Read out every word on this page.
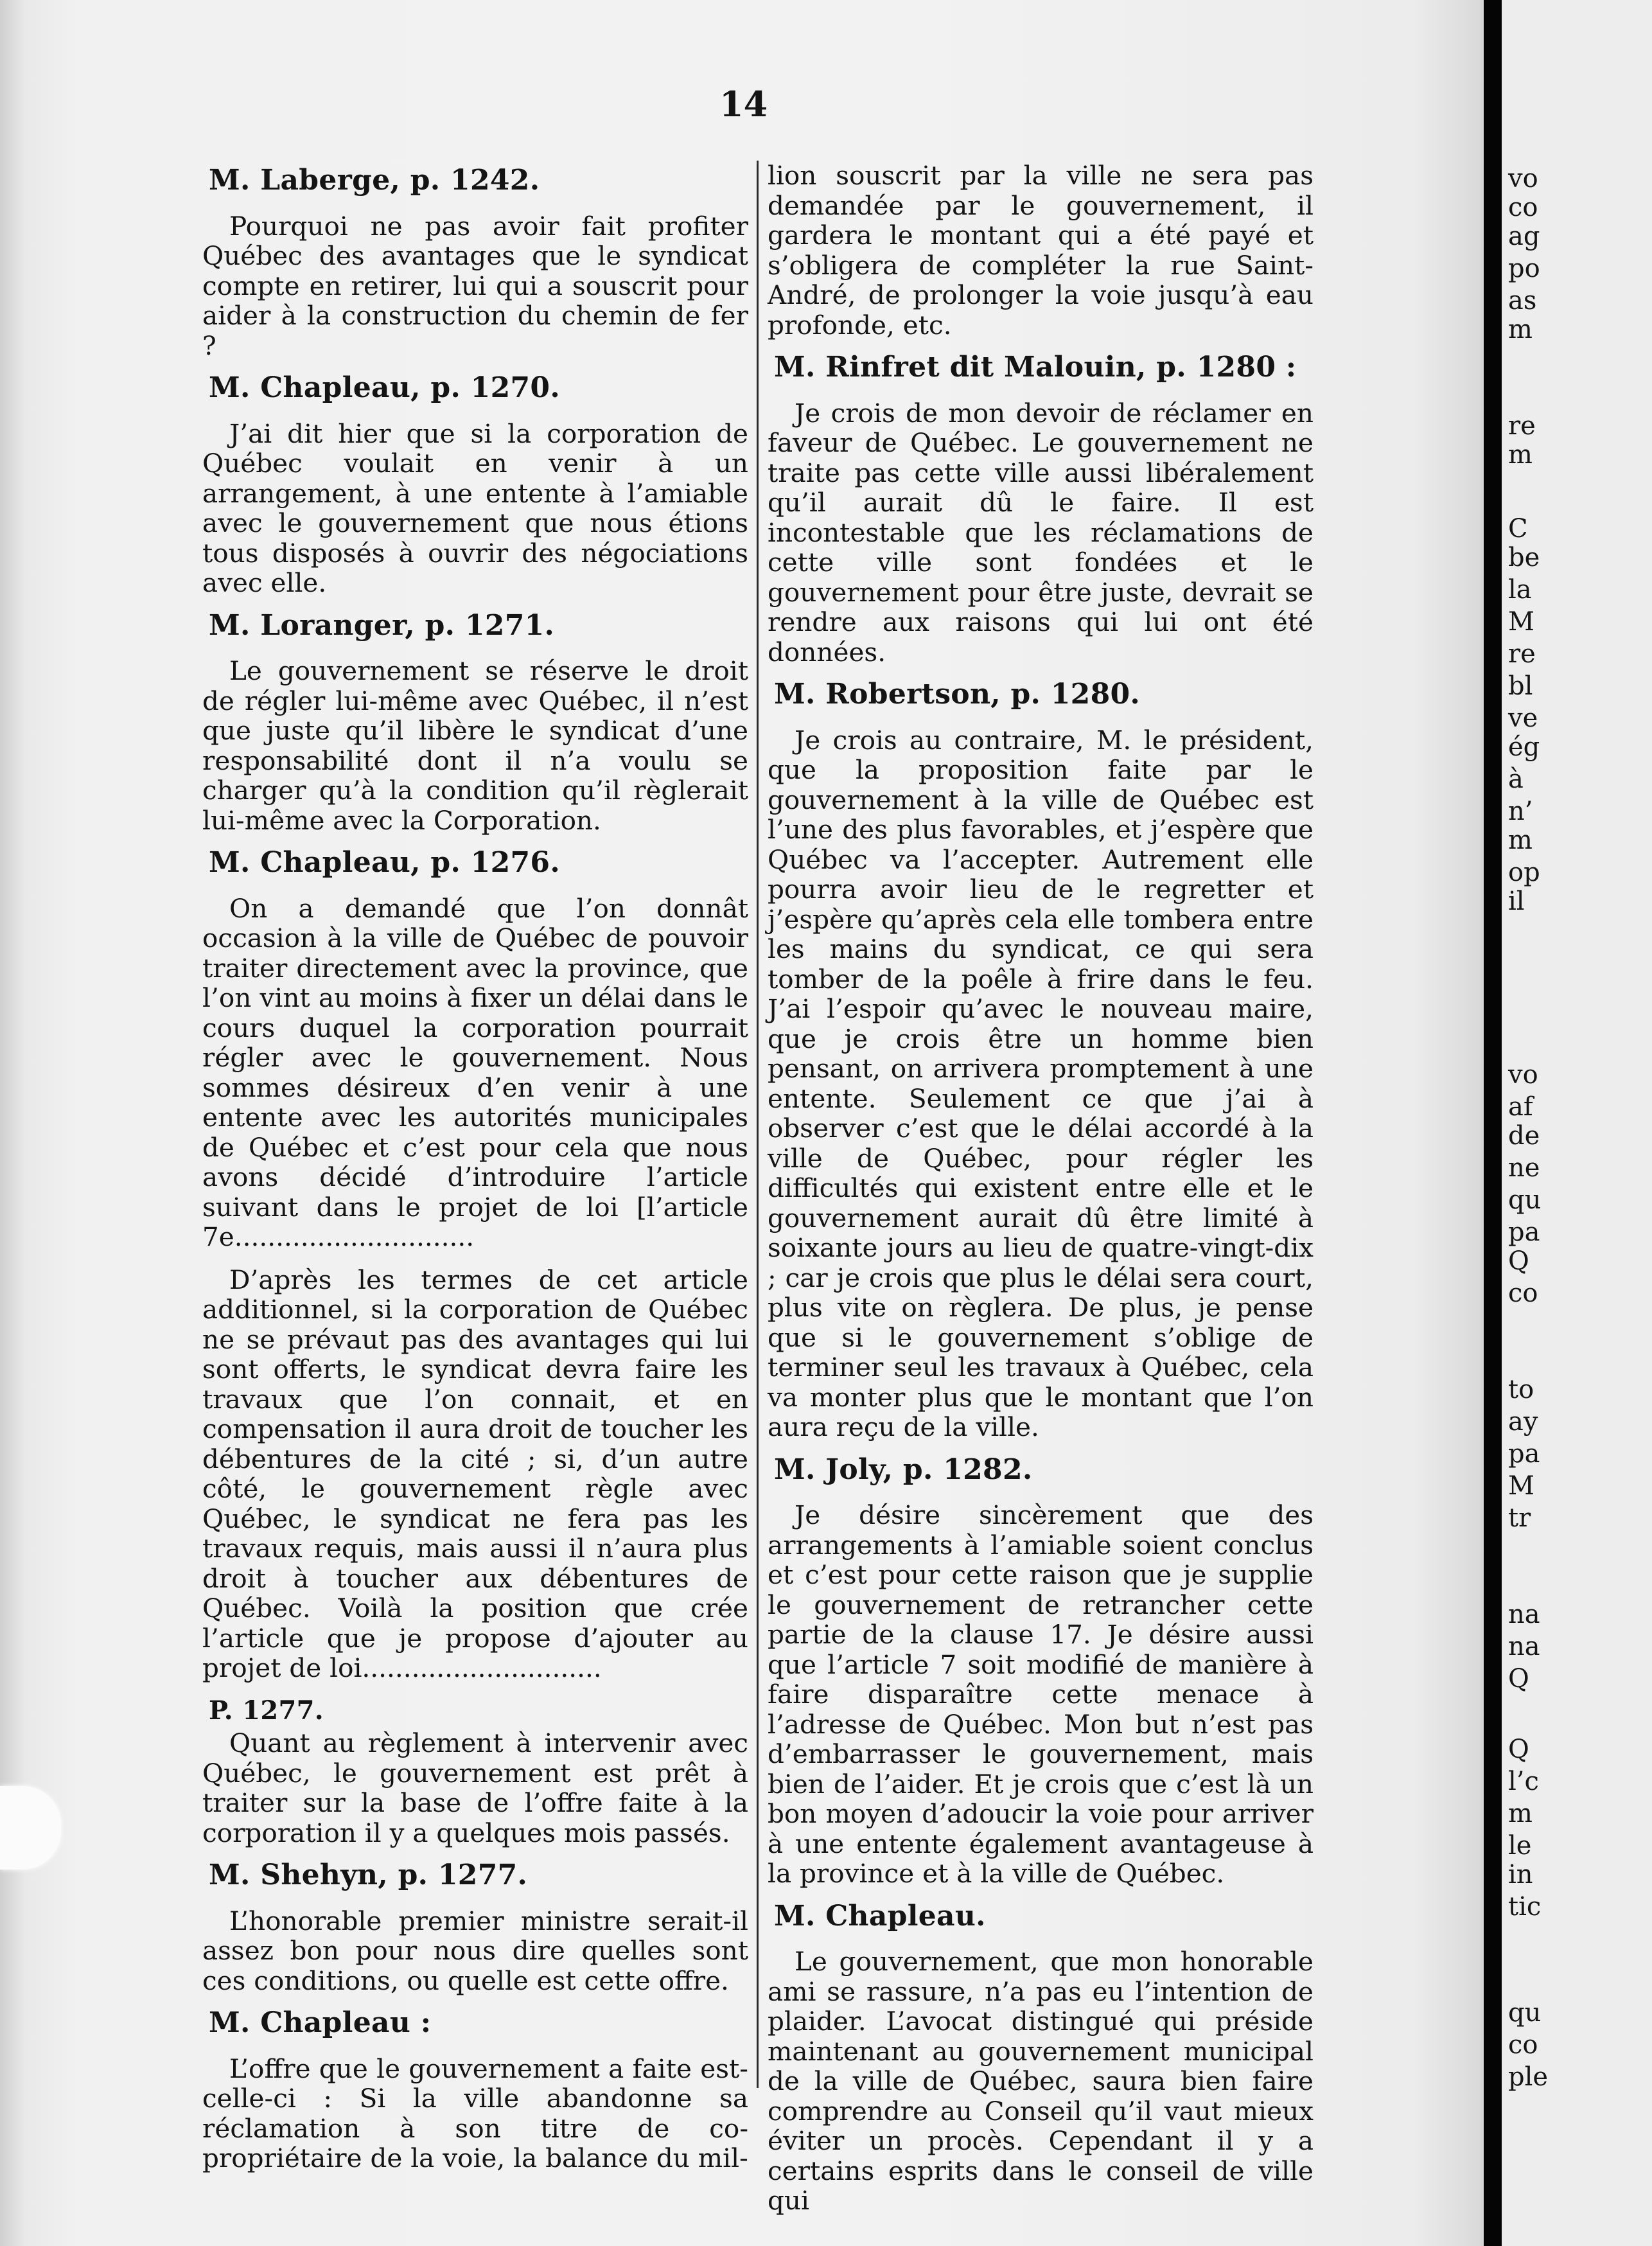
14
M. Laberge, p. 1242.

Pourquoi ne pas avoir fait profiter Québec des avantages que le syndicat compte en retirer, lui qui a souscrit pour aider à la construction du chemin de fer ?

M. Chapleau, p. 1270.

J’ai dit hier que si la corporation de Québec voulait en venir à un arrangement, à une entente à l’amiable avec le gouvernement que nous étions tous disposés à ouvrir des négociations avec elle.

M. Loranger, p. 1271.

Le gouvernement se réserve le droit de régler lui-même avec Québec, il n’est que juste qu’il libère le syndicat d’une responsabilité dont il n’a voulu se charger qu’à la condition qu’il règlerait lui-même avec la Corporation.

M. Chapleau, p. 1276.

On a demandé que l’on donnât occasion à la ville de Québec de pouvoir traiter directement avec la province, que l’on vint au moins à fixer un délai dans le cours duquel la corporation pourrait régler avec le gouvernement. Nous sommes désireux d’en venir à une entente avec les autorités municipales de Québec et c’est pour cela que nous avons décidé d’introduire l’article suivant dans le projet de loi [l’article 7e.............................

D’après les termes de cet article additionnel, si la corporation de Québec ne se prévaut pas des avantages qui lui sont offerts, le syndicat devra faire les travaux que l’on connait, et en compensation il aura droit de toucher les débentures de la cité ; si, d’un autre côté, le gouvernement règle avec Québec, le syndicat ne fera pas les travaux requis, mais aussi il n’aura plus droit à toucher aux débentures de Québec. Voilà la position que crée l’article que je propose d’ajouter au projet de loi.............................

P. 1277.

Quant au règlement à intervenir avec Québec, le gouvernement est prêt à traiter sur la base de l’offre faite à la corporation il y a quelques mois passés.

M. Shehyn, p. 1277.

L’honorable premier ministre serait-il assez bon pour nous dire quelles sont ces conditions, ou quelle est cette offre.

M. Chapleau :

L’offre que le gouvernement a faite est-celle-ci : Si la ville abandonne sa réclamation à son titre de co-propriétaire de la voie, la balance du mil-

lion souscrit par la ville ne sera pas demandée par le gouvernement, il gardera le montant qui a été payé et s’obligera de compléter la rue Saint-André, de prolonger la voie jusqu’à eau profonde, etc.

M. Rinfret dit Malouin, p. 1280 :

Je crois de mon devoir de réclamer en faveur de Québec. Le gouvernement ne traite pas cette ville aussi libéralement qu’il aurait dû le faire. Il est incontestable que les réclamations de cette ville sont fondées et le gouvernement pour être juste, devrait se rendre aux raisons qui lui ont été données.

M. Robertson, p. 1280.

Je crois au contraire, M. le président, que la proposition faite par le gouvernement à la ville de Québec est l’une des plus favorables, et j’espère que Québec va l’accepter. Autrement elle pourra avoir lieu de le regretter et j’espère qu’après cela elle tombera entre les mains du syndicat, ce qui sera tomber de la poêle à frire dans le feu. J’ai l’espoir qu’avec le nouveau maire, que je crois être un homme bien pensant, on arrivera promptement à une entente. Seulement ce que j’ai à observer c’est que le délai accordé à la ville de Québec, pour régler les difficultés qui existent entre elle et le gouvernement aurait dû être limité à soixante jours au lieu de quatre-vingt-dix ; car je crois que plus le délai sera court, plus vite on règlera. De plus, je pense que si le gouvernement s’oblige de terminer seul les travaux à Québec, cela va monter plus que le montant que l’on aura reçu de la ville.

M. Joly, p. 1282.

Je désire sincèrement que des arrangements à l’amiable soient conclus et c’est pour cette raison que je supplie le gouvernement de retrancher cette partie de la clause 17. Je désire aussi que l’article 7 soit modifié de manière à faire disparaître cette menace à l’adresse de Québec. Mon but n’est pas d’embarrasser le gouvernement, mais bien de l’aider. Et je crois que c’est là un bon moyen d’adoucir la voie pour arriver à une entente également avantageuse à la province et à la ville de Québec.

M. Chapleau.

Le gouvernement, que mon honorable ami se rassure, n’a pas eu l’intention de plaider. L’avocat distingué qui préside maintenant au gouvernement municipal de la ville de Québec, saura bien faire comprendre au Conseil qu’il vaut mieux éviter un procès. Cependant il y a certains esprits dans le conseil de ville qui

vo
co
ag
po
as
m
re
m
C
be
la
M
re
bl
ve
ég
à
n’
m
op
il
vo
af
de
ne
qu
pa
Q
co
to
ay
pa
M
tr
na
na
Q
Q
l’c
m
le
in
tic
qu
co
ple
